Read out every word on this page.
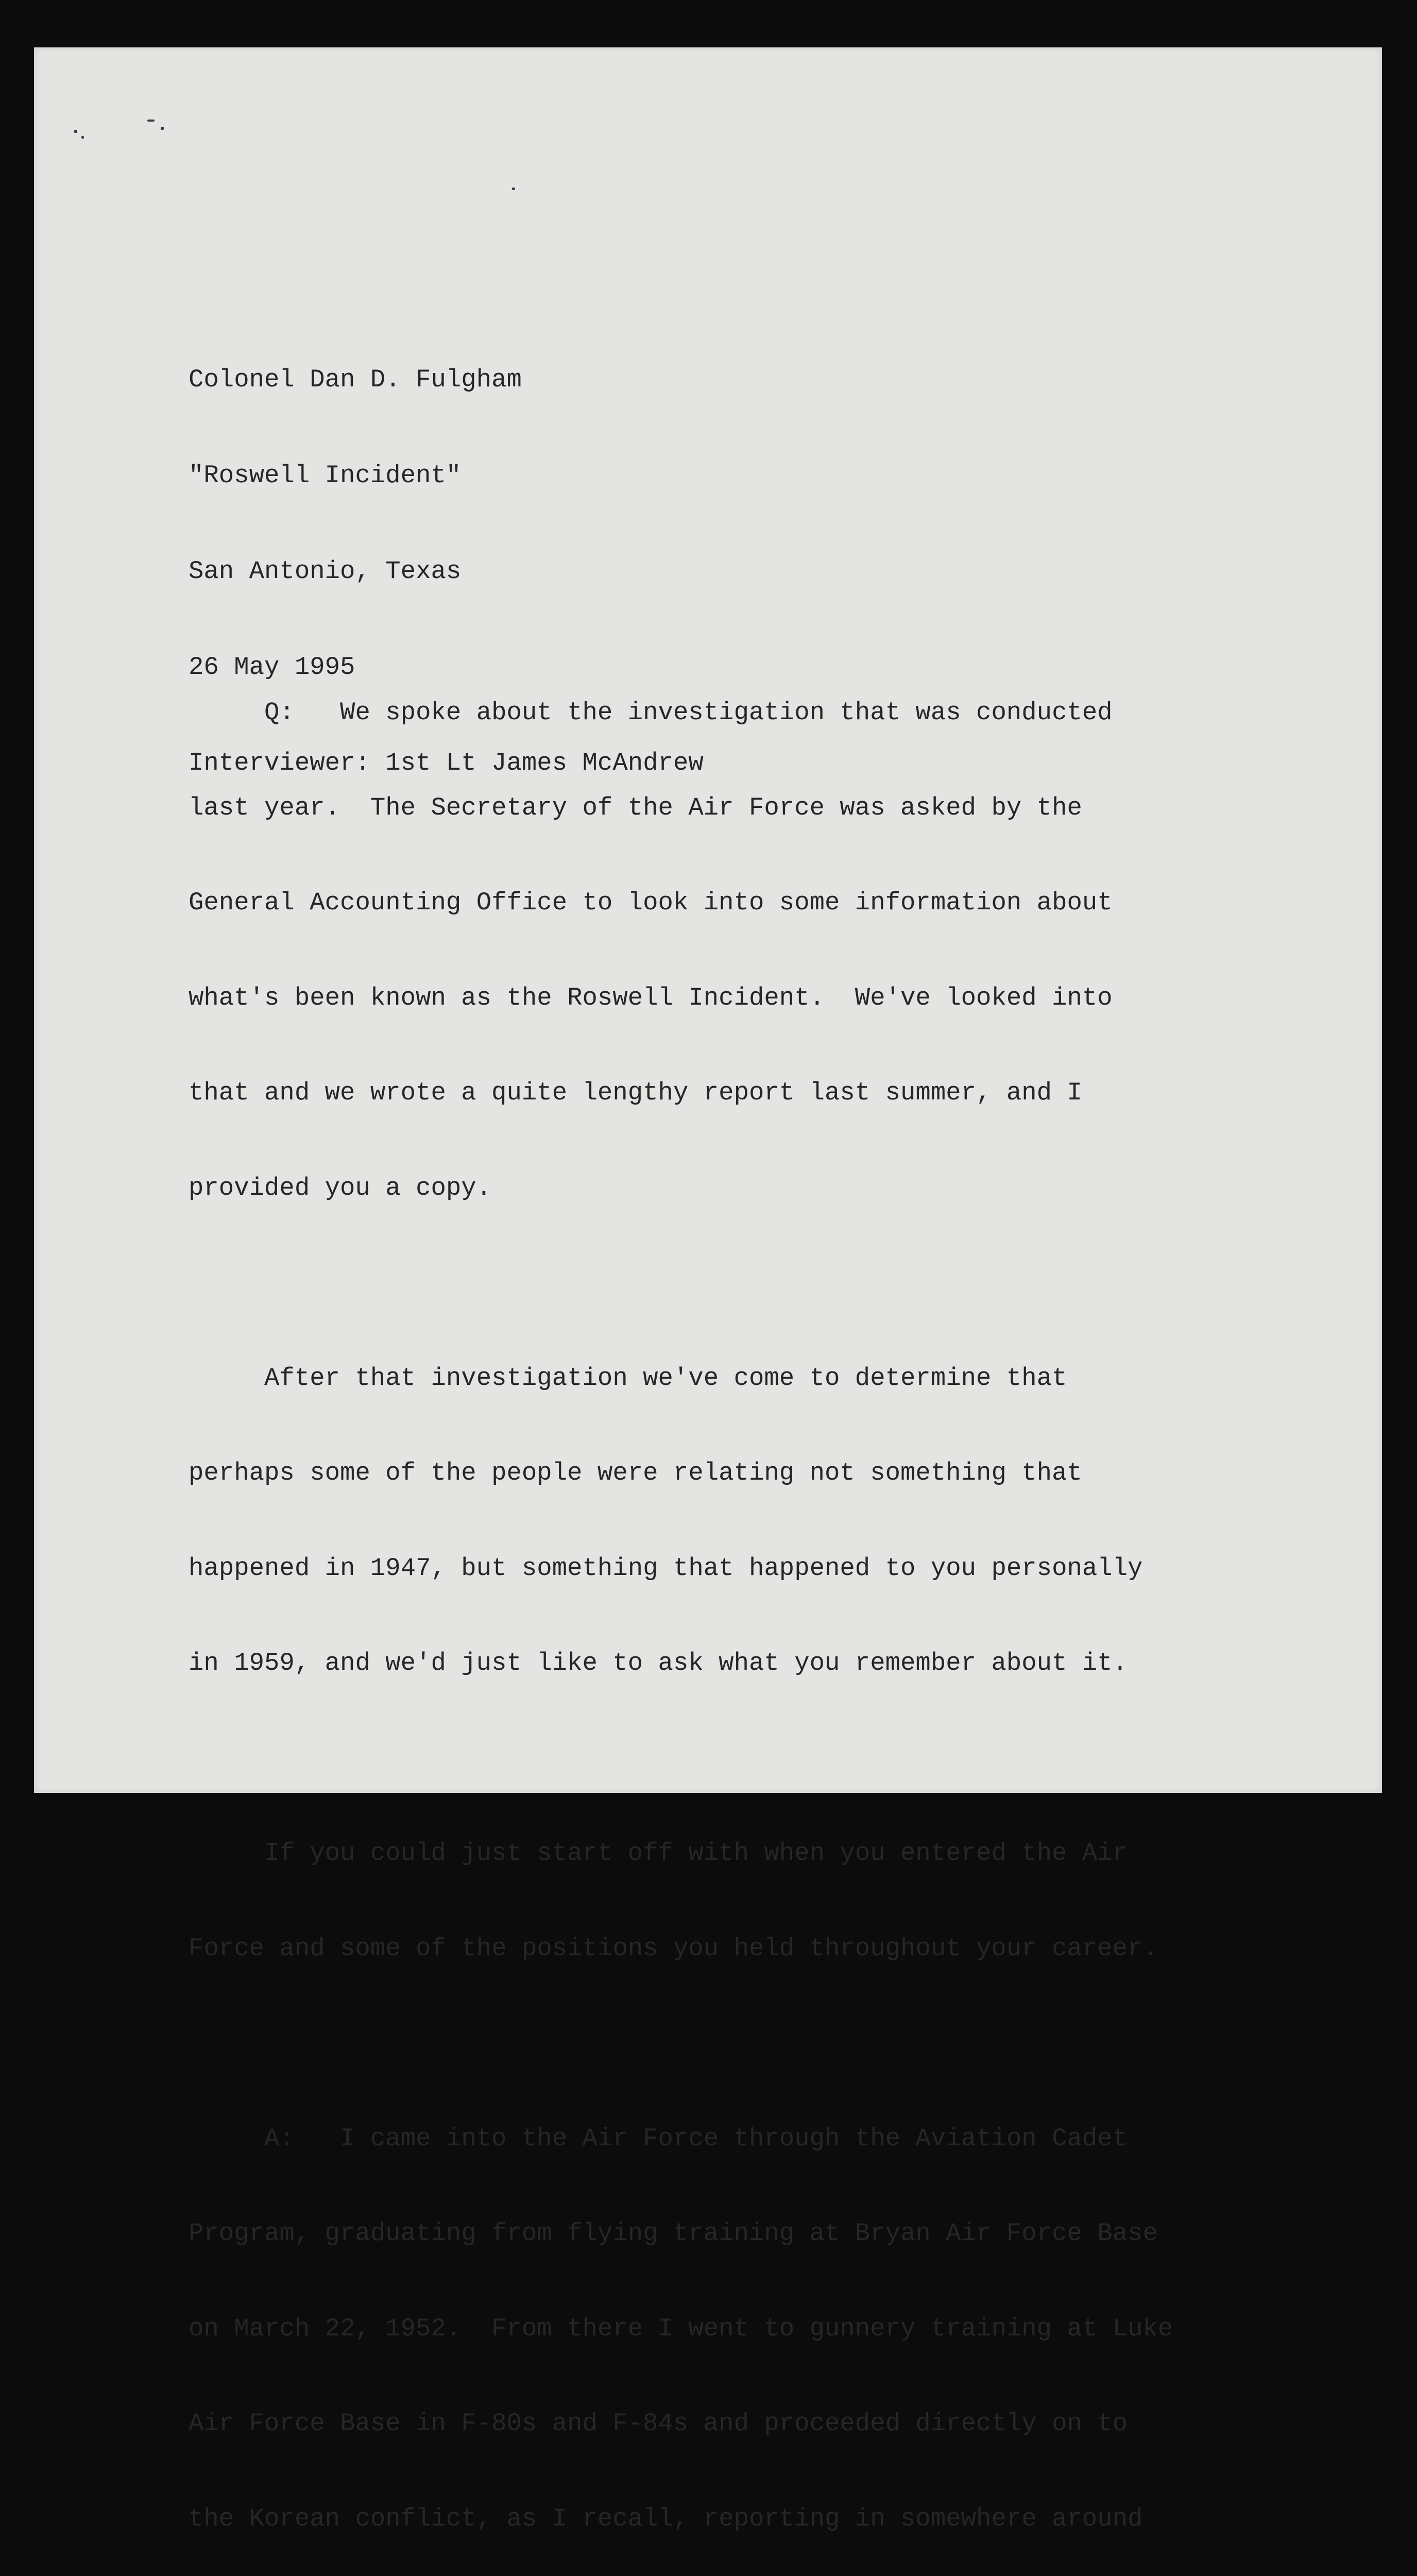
Colonel Dan D. Fulgham

"Roswell Incident"

San Antonio, Texas

26 May 1995

Interviewer: 1st Lt James McAndrew

Q:   We spoke about the investigation that was conducted

last year.  The Secretary of the Air Force was asked by the

General Accounting Office to look into some information about

what's been known as the Roswell Incident.  We've looked into

that and we wrote a quite lengthy report last summer, and I

provided you a copy.

After that investigation we've come to determine that

perhaps some of the people were relating not something that

happened in 1947, but something that happened to you personally

in 1959, and we'd just like to ask what you remember about it.

If you could just start off with when you entered the Air

Force and some of the positions you held throughout your career.

A:   I came into the Air Force through the Aviation Cadet

Program, graduating from flying training at Bryan Air Force Base

on March 22, 1952.  From there I went to gunnery training at Luke

Air Force Base in F-80s and F-84s and proceeded directly on to

the Korean conflict, as I recall, reporting in somewhere around
